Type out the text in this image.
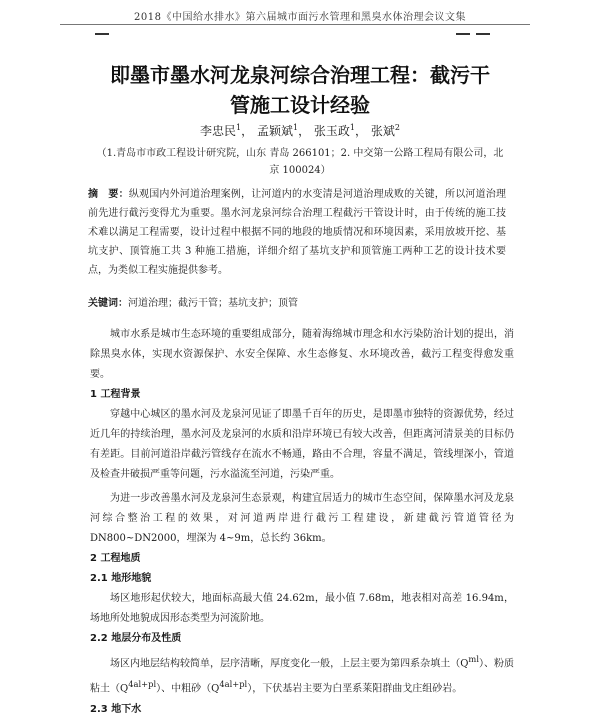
2018《中国给水排水》第六届城市面污水管理和黑臭水体治理会议文集
即墨市墨水河龙泉河综合治理工程：截污干
管施工设计经验
李忠民$^1$， 孟颖斌$^1$， 张玉政$^1$， 张斌$^2$
（1.青岛市市政工程设计研究院，山东 青岛 266101；2. 中交第一公路工程局有限公司，北
京 100024）
摘　要：纵观国内外河道治理案例，让河道内的水变清是河道治理成败的关键，所以河道治理前先进行截污变得尤为重要。墨水河龙泉河综合治理工程截污干管设计时，由于传统的施工技术难以满足工程需要，设计过程中根据不同的地段的地质情况和环境因素，采用放坡开挖、基坑支护、顶管施工共 3 种施工措施，详细介绍了基坑支护和顶管施工两种工艺的设计技术要点，为类似工程实施提供参考。
关键词：河道治理；截污干管；基坑支护；顶管

城市水系是城市生态环境的重要组成部分，随着海绵城市理念和水污染防治计划的提出，消除黑臭水体，实现水资源保护、水安全保障、水生态修复、水环境改善，截污工程变得愈发重要。

1 工程背景

穿越中心城区的墨水河及龙泉河见证了即墨千百年的历史，是即墨市独特的资源优势，经过近几年的持续治理，墨水河及龙泉河的水质和沿岸环境已有较大改善，但距离河清景美的目标仍有差距。目前河道沿岸截污管线存在流水不畅通，路由不合理，容量不满足，管线埋深小，管道及检查井破损严重等问题，污水溢流至河道，污染严重。

为进一步改善墨水河及龙泉河生态景观，构建宜居适力的城市生态空间，保障墨水河及龙泉河综合整治工程的效果，对河道两岸进行截污工程建设，新建截污管道管径为 DN800~DN2000，埋深为 4~9m，总长约 36km。

2 工程地质
2.1 地形地貌

场区地形起伏较大，地面标高最大值 24.62m，最小值 7.68m，地表相对高差 16.94m，场地所处地貌成因形态类型为河流阶地。

2.2 地层分布及性质

场区内地层结构较简单，层序清晰，厚度变化一般，上层主要为第四系杂填土$(Q^{ml})$、粉质粘土$(Q^{4al+pl})$、中粗砂$(Q^{4al+pl})$，下伏基岩主要为白垩系莱阳群曲戈庄组砂岩。

2.3 地下水
